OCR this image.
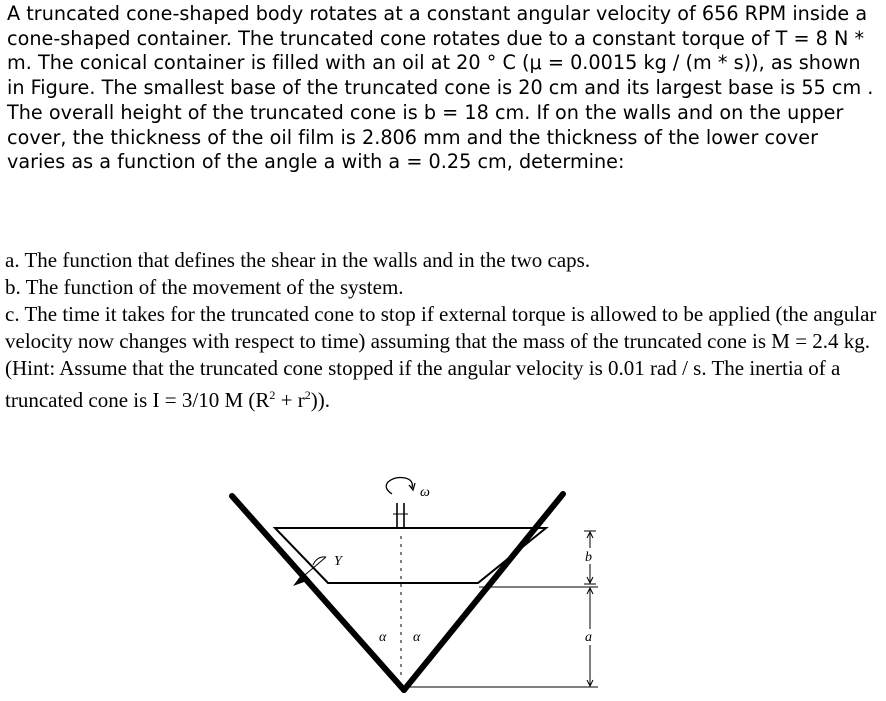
A truncated cone-shaped body rotates at a constant angular velocity of 656 RPM inside a cone-shaped container. The truncated cone rotates due to a constant torque of T = 8 N * m. The conical container is filled with an oil at 20 ° C (μ = 0.0015 kg / (m * s)), as shown in Figure. The smallest base of the truncated cone is 20 cm and its largest base is 55 cm . The overall height of the truncated cone is b = 18 cm. If on the walls and on the upper cover, the thickness of the oil film is 2.806 mm and the thickness of the lower cover varies as a function of the angle a with a = 0.25 cm, determine:

a. The function that defines the shear in the walls and in the two caps.

b. The function of the movement of the system.

c. The time it takes for the truncated cone to stop if external torque is allowed to be applied (the angular velocity now changes with respect to time) assuming that the mass of the truncated cone is M = 2.4 kg. (Hint: Assume that the truncated cone stopped if the angular velocity is 0.01 rad / s. The inertia of a truncated cone is I = 3/10 M $(R^2 + r^2)$).

ω
Y
α α
b
a
